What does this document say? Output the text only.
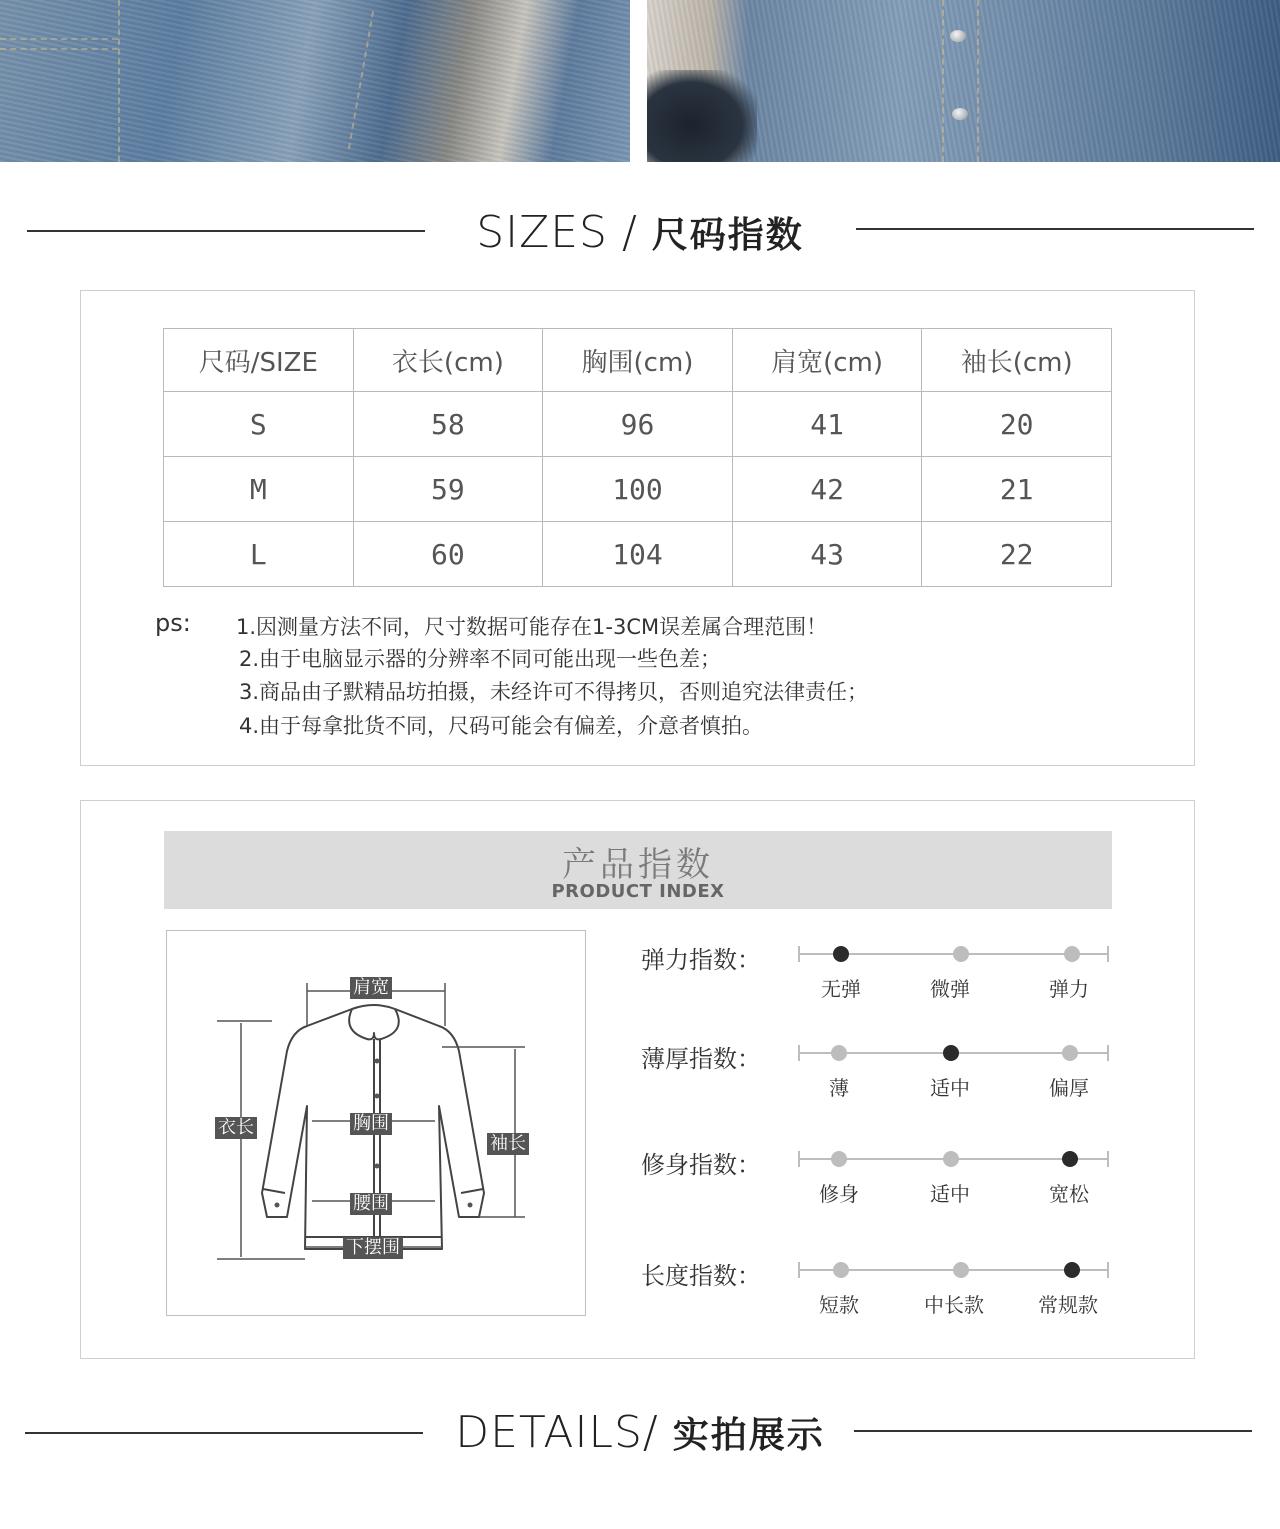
SIZES / 尺码指数
尺码/SIZE	衣长(cm)	胸围(cm)	肩宽(cm)	袖长(cm)
S	58	96	41	20
M	59	100	42	21
L	60	104	43	22
ps: 1.因测量方法不同，尺寸数据可能存在1-3CM误差属合理范围！
2.由于电脑显示器的分辨率不同可能出现一些色差；
3.商品由子默精品坊拍摄，未经许可不得拷贝，否则追究法律责任；
4.由于每拿批货不同，尺码可能会有偏差，介意者慎拍。
产品指数
PRODUCT INDEX
肩宽
衣长	胸围
袖长
腰围
下摆围
弹力指数：
无弹	微弹	弹力
薄厚指数：
薄	适中	偏厚
修身指数：
修身	适中	宽松
长度指数：
短款	中长款	常规款
DETAILS/ 实拍展示
